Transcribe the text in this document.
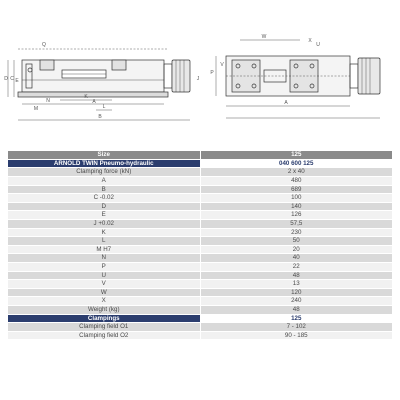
D C E
N
M
K
L
A
B
Q
J
P
V
W
X
U
A
Size	125
ARNOLD TWIN Pneumo-hydraulic	040 600 125
Clamping force (kN)	2 x 40
A	480
B	689
C -0.02	100
D	140
E	126
J +0.02	57,5
K	230
L	50
M H7	20
N	40
P	22
U	48
V	13
W	120
X	240
Weight (kg)	48
Clampings	125
Clamping field O1	7 - 102
Clamping field O2	90 - 185
